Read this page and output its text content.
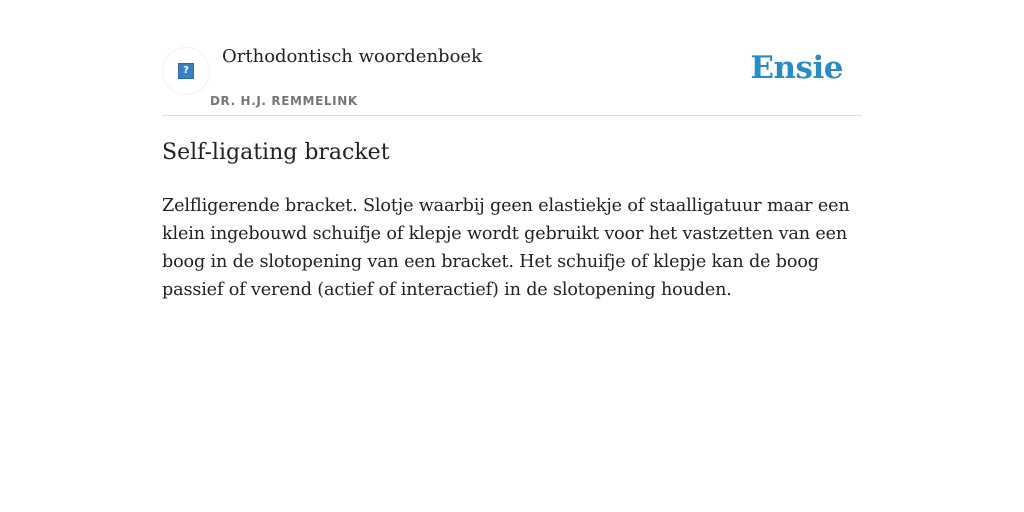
?
Orthodontisch woordenboek
DR. H.J. REMMELINK
Ensie
Self-ligating bracket

Zelfligerende bracket. Slotje waarbij geen elastiekje of staalligatuur maar een klein ingebouwd schuifje of klepje wordt gebruikt voor het vastzetten van een boog in de slotopening van een bracket. Het schuifje of klepje kan de boog passief of verend (actief of interactief) in de slotopening houden.
